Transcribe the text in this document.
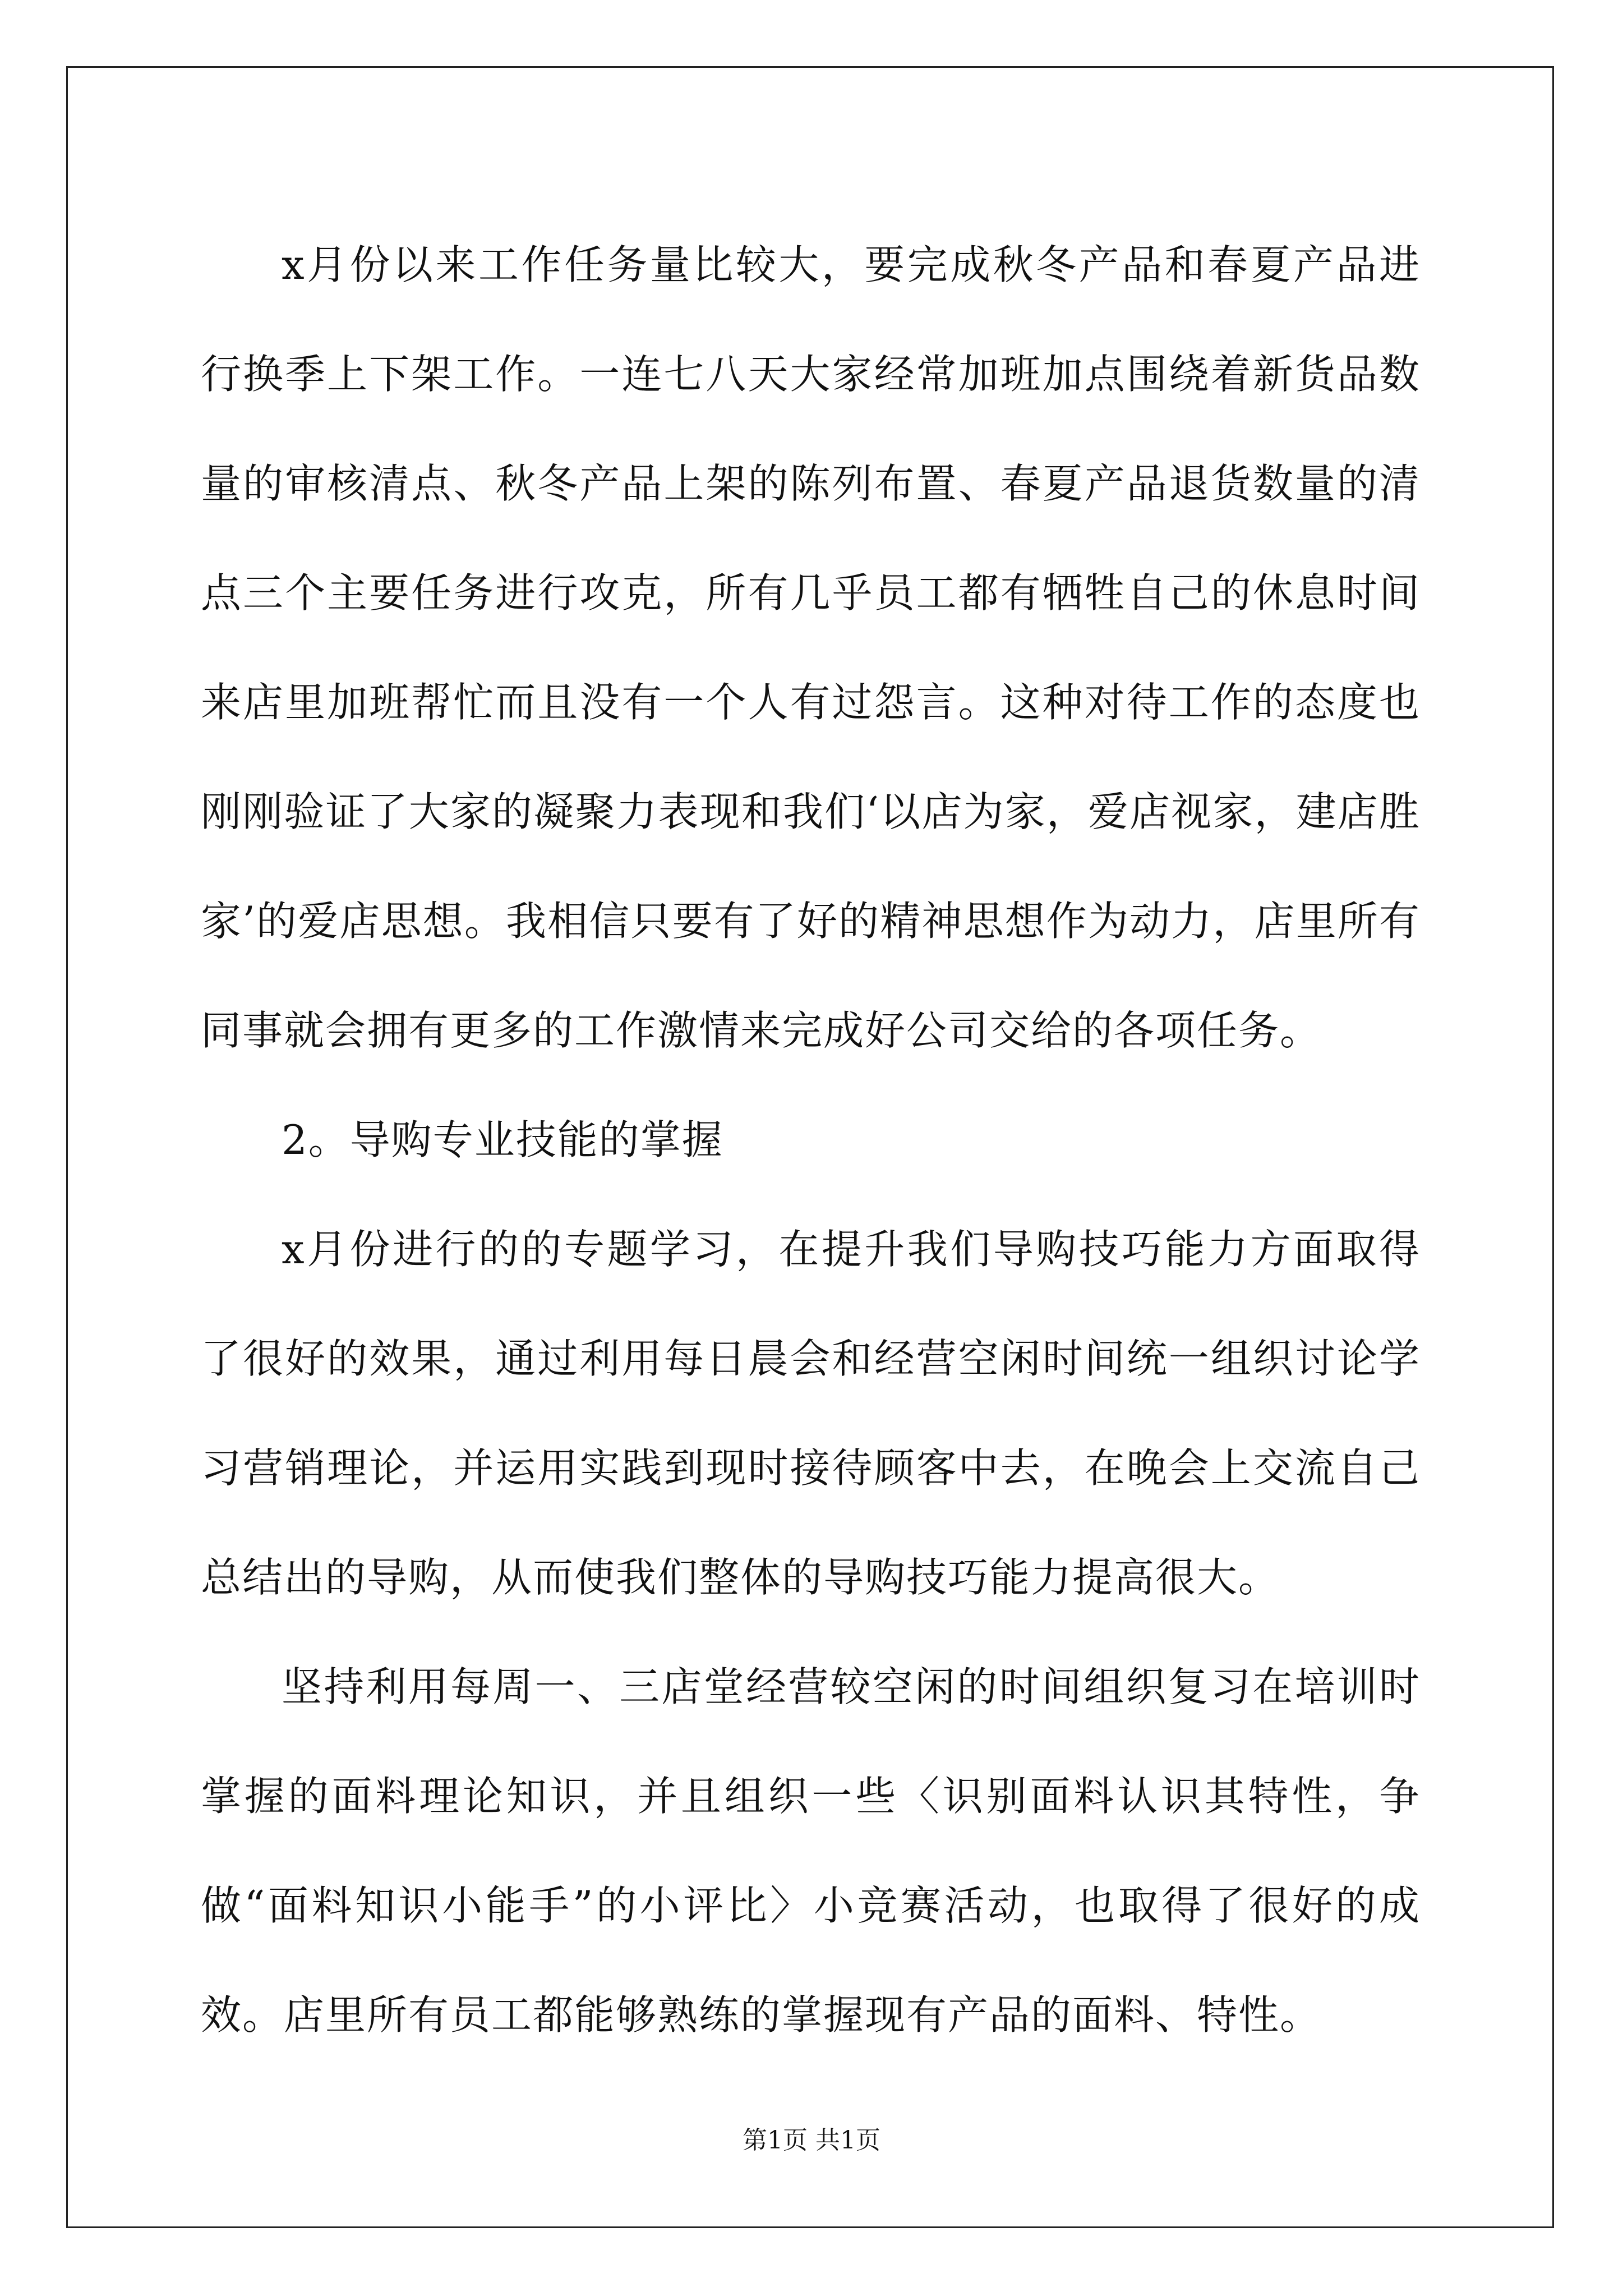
x月份以来工作任务量比较大，要完成秋冬产品和春夏产品进行换季上下架工作。一连七八天大家经常加班加点围绕着新货品数量的审核清点、秋冬产品上架的陈列布置、春夏产品退货数量的清点三个主要任务进行攻克，所有几乎员工都有牺牲自己的休息时间来店里加班帮忙而且没有一个人有过怨言。这种对待工作的态度也刚刚验证了大家的凝聚力表现和我们‘以店为家，爱店视家，建店胜家’的爱店思想。我相信只要有了好的精神思想作为动力，店里所有同事就会拥有更多的工作激情来完成好公司交给的各项任务。

2。导购专业技能的掌握

x月份进行的的专题学习，在提升我们导购技巧能力方面取得了很好的效果，通过利用每日晨会和经营空闲时间统一组织讨论学习营销理论，并运用实践到现时接待顾客中去，在晚会上交流自己总结出的导购，从而使我们整体的导购技巧能力提高很大。

坚持利用每周一、三店堂经营较空闲的时间组织复习在培训时掌握的面料理论知识，并且组织一些〈识别面料认识其特性，争做“面料知识小能手”的小评比〉小竞赛活动，也取得了很好的成效。店里所有员工都能够熟练的掌握现有产品的面料、特性。

第1页 共1页
